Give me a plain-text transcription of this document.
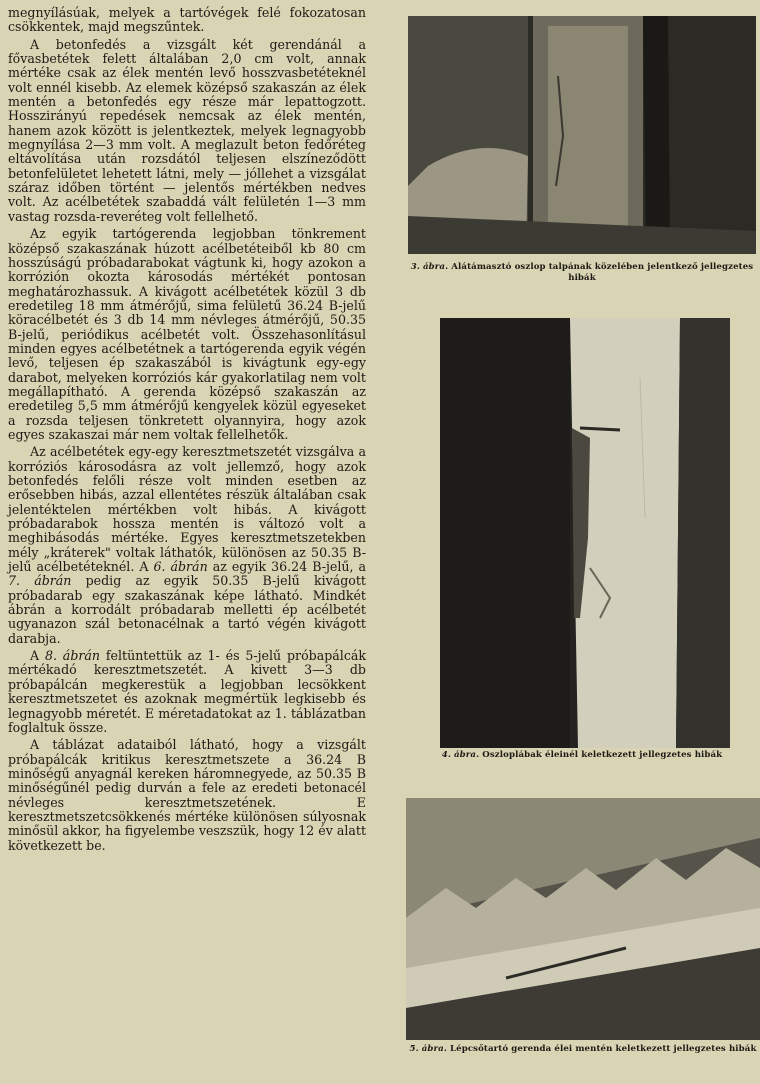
megnyílásúak, melyek a tartóvégek felé fokozatosan csökkentek, majd megszűntek.

A betonfedés a vizsgált két gerendánál a fővasbetétek felett általában 2,0 cm volt, annak mértéke csak az élek mentén levő hosszvasbetéteknél volt ennél kisebb. Az elemek középső szakaszán az élek mentén a betonfedés egy része már lepattogzott. Hosszirányú repedések nemcsak az élek mentén, hanem azok között is jelentkeztek, melyek legnagyobb megnyílása 2—3 mm volt. A meglazult beton fedőréteg eltávolítása után rozsdától teljesen elszíneződött betonfelületet lehetett látni, mely — jóllehet a vizsgálat száraz időben történt — jelentős mértékben nedves volt. Az acélbetétek szabaddá vált felületén 1—3 mm vastag rozsda-reveréteg volt fellelhető.

Az egyik tartógerenda legjobban tönkrement középső szakaszának húzott acélbetéteiből kb 80 cm hosszúságú próbadarabokat vágtunk ki, hogy azokon a korrózión okozta károsodás mértékét pontosan meghatározhassuk. A kivágott acélbetétek közül 3 db eredetileg 18 mm átmérőjű, sima felületű 36.24 B-jelű köracélbetét és 3 db 14 mm névleges átmérőjű, 50.35 B-jelű, periódikus acélbetét volt. Összehasonlításul minden egyes acélbetétnek a tartógerenda egyik végén levő, teljesen ép szakaszából is kivágtunk egy-egy darabot, melyeken korróziós kár gyakorlatilag nem volt megállapítható. A gerenda középső szakaszán az eredetileg 5,5 mm átmérőjű kengyelek közül egyeseket a rozsda teljesen tönkretett olyannyira, hogy azok egyes szakaszai már nem voltak fellelhetők.

Az acélbetétek egy-egy keresztmetszetét vizsgálva a korróziós károsodásra az volt jellemző, hogy azok betonfedés felőli része volt minden esetben az erősebben hibás, azzal ellentétes részük általában csak jelentéktelen mértékben volt hibás. A kivágott próbadarabok hossza mentén is változó volt a meghibásodás mértéke. Egyes keresztmetszetekben mély „kráterek" voltak láthatók, különösen az 50.35 B-jelű acélbetéteknél. A 6. ábrán az egyik 36.24 B-jelű, a 7. ábrán pedig az egyik 50.35 B-jelű kivágott próbadarab egy szakaszának képe látható. Mindkét ábrán a korrodált próbadarab melletti ép acélbetét ugyanazon szál betonacélnak a tartó végén kivágott darabja.

A 8. ábrán feltüntettük az 1- és 5-jelű próbapálcák mértékadó keresztmetszetét. A kivett 3—3 db próbapálcán megkerestük a legjobban lecsökkent keresztmetszetet és azoknak megmértük legkisebb és legnagyobb méretét. E méretadatokat az 1. táblázatban foglaltuk össze.

A táblázat adataiból látható, hogy a vizsgált próbapálcák kritikus keresztmetszete a 36.24 B minőségű anyagnál kereken háromnegyede, az 50.35 B minőségűnél pedig durván a fele az eredeti betonacél névleges keresztmetszetének. E keresztmetszetcsökkenés mértéke különösen súlyosnak minősül akkor, ha figyelembe veszszük, hogy 12 év alatt következett be.

3. ábra. Alátámasztó oszlop talpának közelében jelentkező jellegzetes hibák
4. ábra. Oszloplábak éleinél keletkezett jellegzetes hibák
5. ábra. Lépcsőtartó gerenda élei mentén keletkezett jellegzetes hibák
